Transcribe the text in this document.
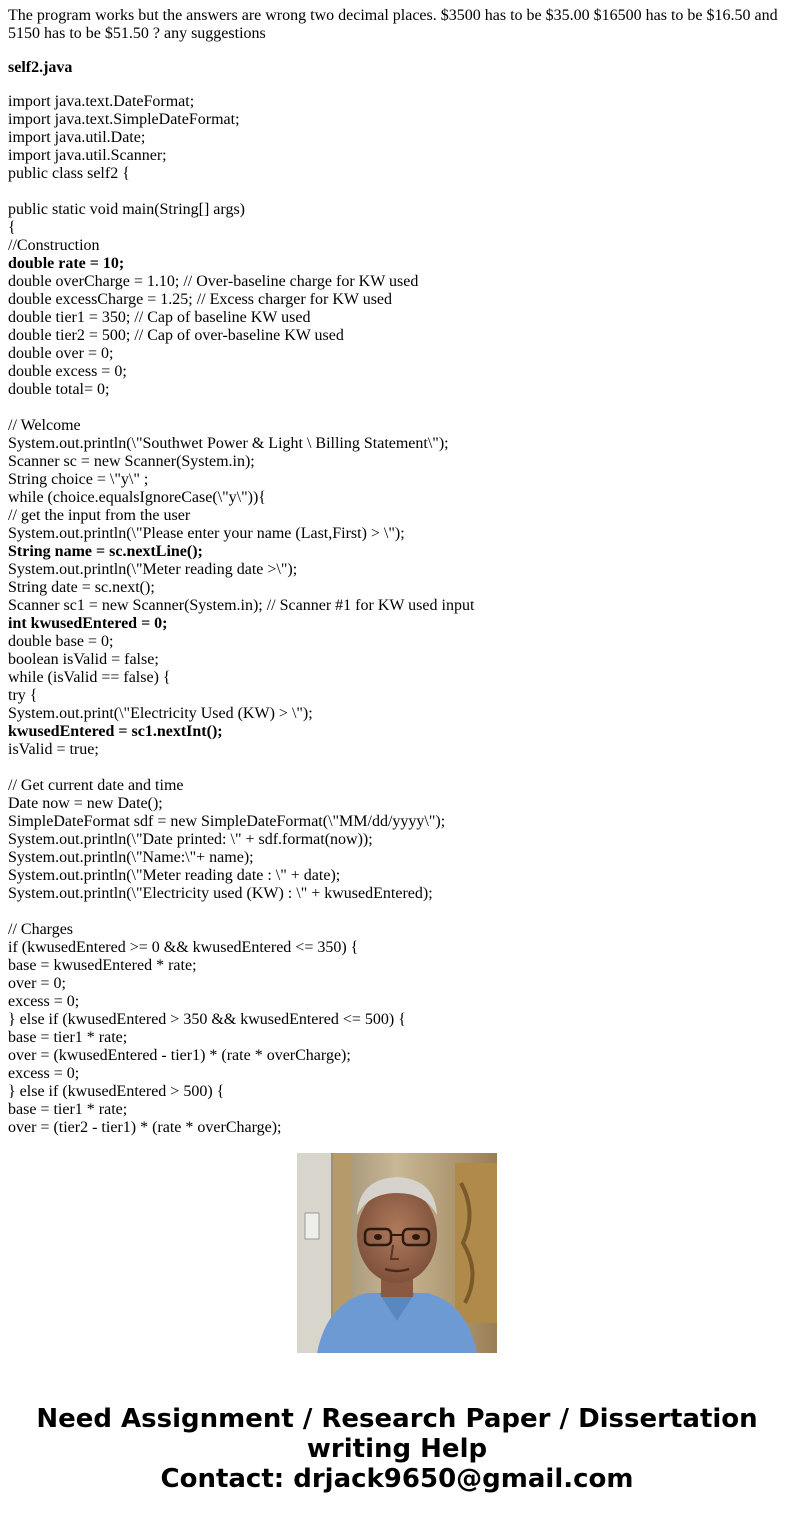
The program works but the answers are wrong two decimal places. $3500 has to be $35.00 $16500 has to be $16.50 and 5150 has to be $51.50 ? any suggestions
self2.java
import java.text.DateFormat;
import java.text.SimpleDateFormat;
import java.util.Date;
import java.util.Scanner;
public class self2 {
public static void main(String[] args)
{
//Construction
double rate = 10;
double overCharge = 1.10; // Over-baseline charge for KW used
double excessCharge = 1.25; // Excess charger for KW used
double tier1 = 350; // Cap of baseline KW used
double tier2 = 500; // Cap of over-baseline KW used
double over = 0;
double excess = 0;
double total= 0;
// Welcome
System.out.println(\"Southwet Power & Light \ Billing Statement\");
Scanner sc = new Scanner(System.in);
String choice = \"y\" ;
while (choice.equalsIgnoreCase(\"y\")){
// get the input from the user
System.out.println(\"Please enter your name (Last,First) > \");
String name = sc.nextLine();
System.out.println(\"Meter reading date >\");
String date = sc.next();
Scanner sc1 = new Scanner(System.in); // Scanner #1 for KW used input
int kwusedEntered = 0;
double base = 0;
boolean isValid = false;
while (isValid == false) {
try {
System.out.print(\"Electricity Used (KW) > \");
kwusedEntered = sc1.nextInt();
isValid = true;
// Get current date and time
Date now = new Date();
SimpleDateFormat sdf = new SimpleDateFormat(\"MM/dd/yyyy\");
System.out.println(\"Date printed: \" + sdf.format(now));
System.out.println(\"Name:\"+ name);
System.out.println(\"Meter reading date : \" + date);
System.out.println(\"Electricity used (KW) : \" + kwusedEntered);
// Charges
if (kwusedEntered >= 0 && kwusedEntered <= 350) {
base = kwusedEntered * rate;
over = 0;
excess = 0;
} else if (kwusedEntered > 350 && kwusedEntered <= 500) {
base = tier1 * rate;
over = (kwusedEntered - tier1) * (rate * overCharge);
excess = 0;
} else if (kwusedEntered > 500) {
base = tier1 * rate;
over = (tier2 - tier1) * (rate * overCharge);
Need Assignment / Research Paper / Dissertation
writing Help
Contact: drjack9650@gmail.com
